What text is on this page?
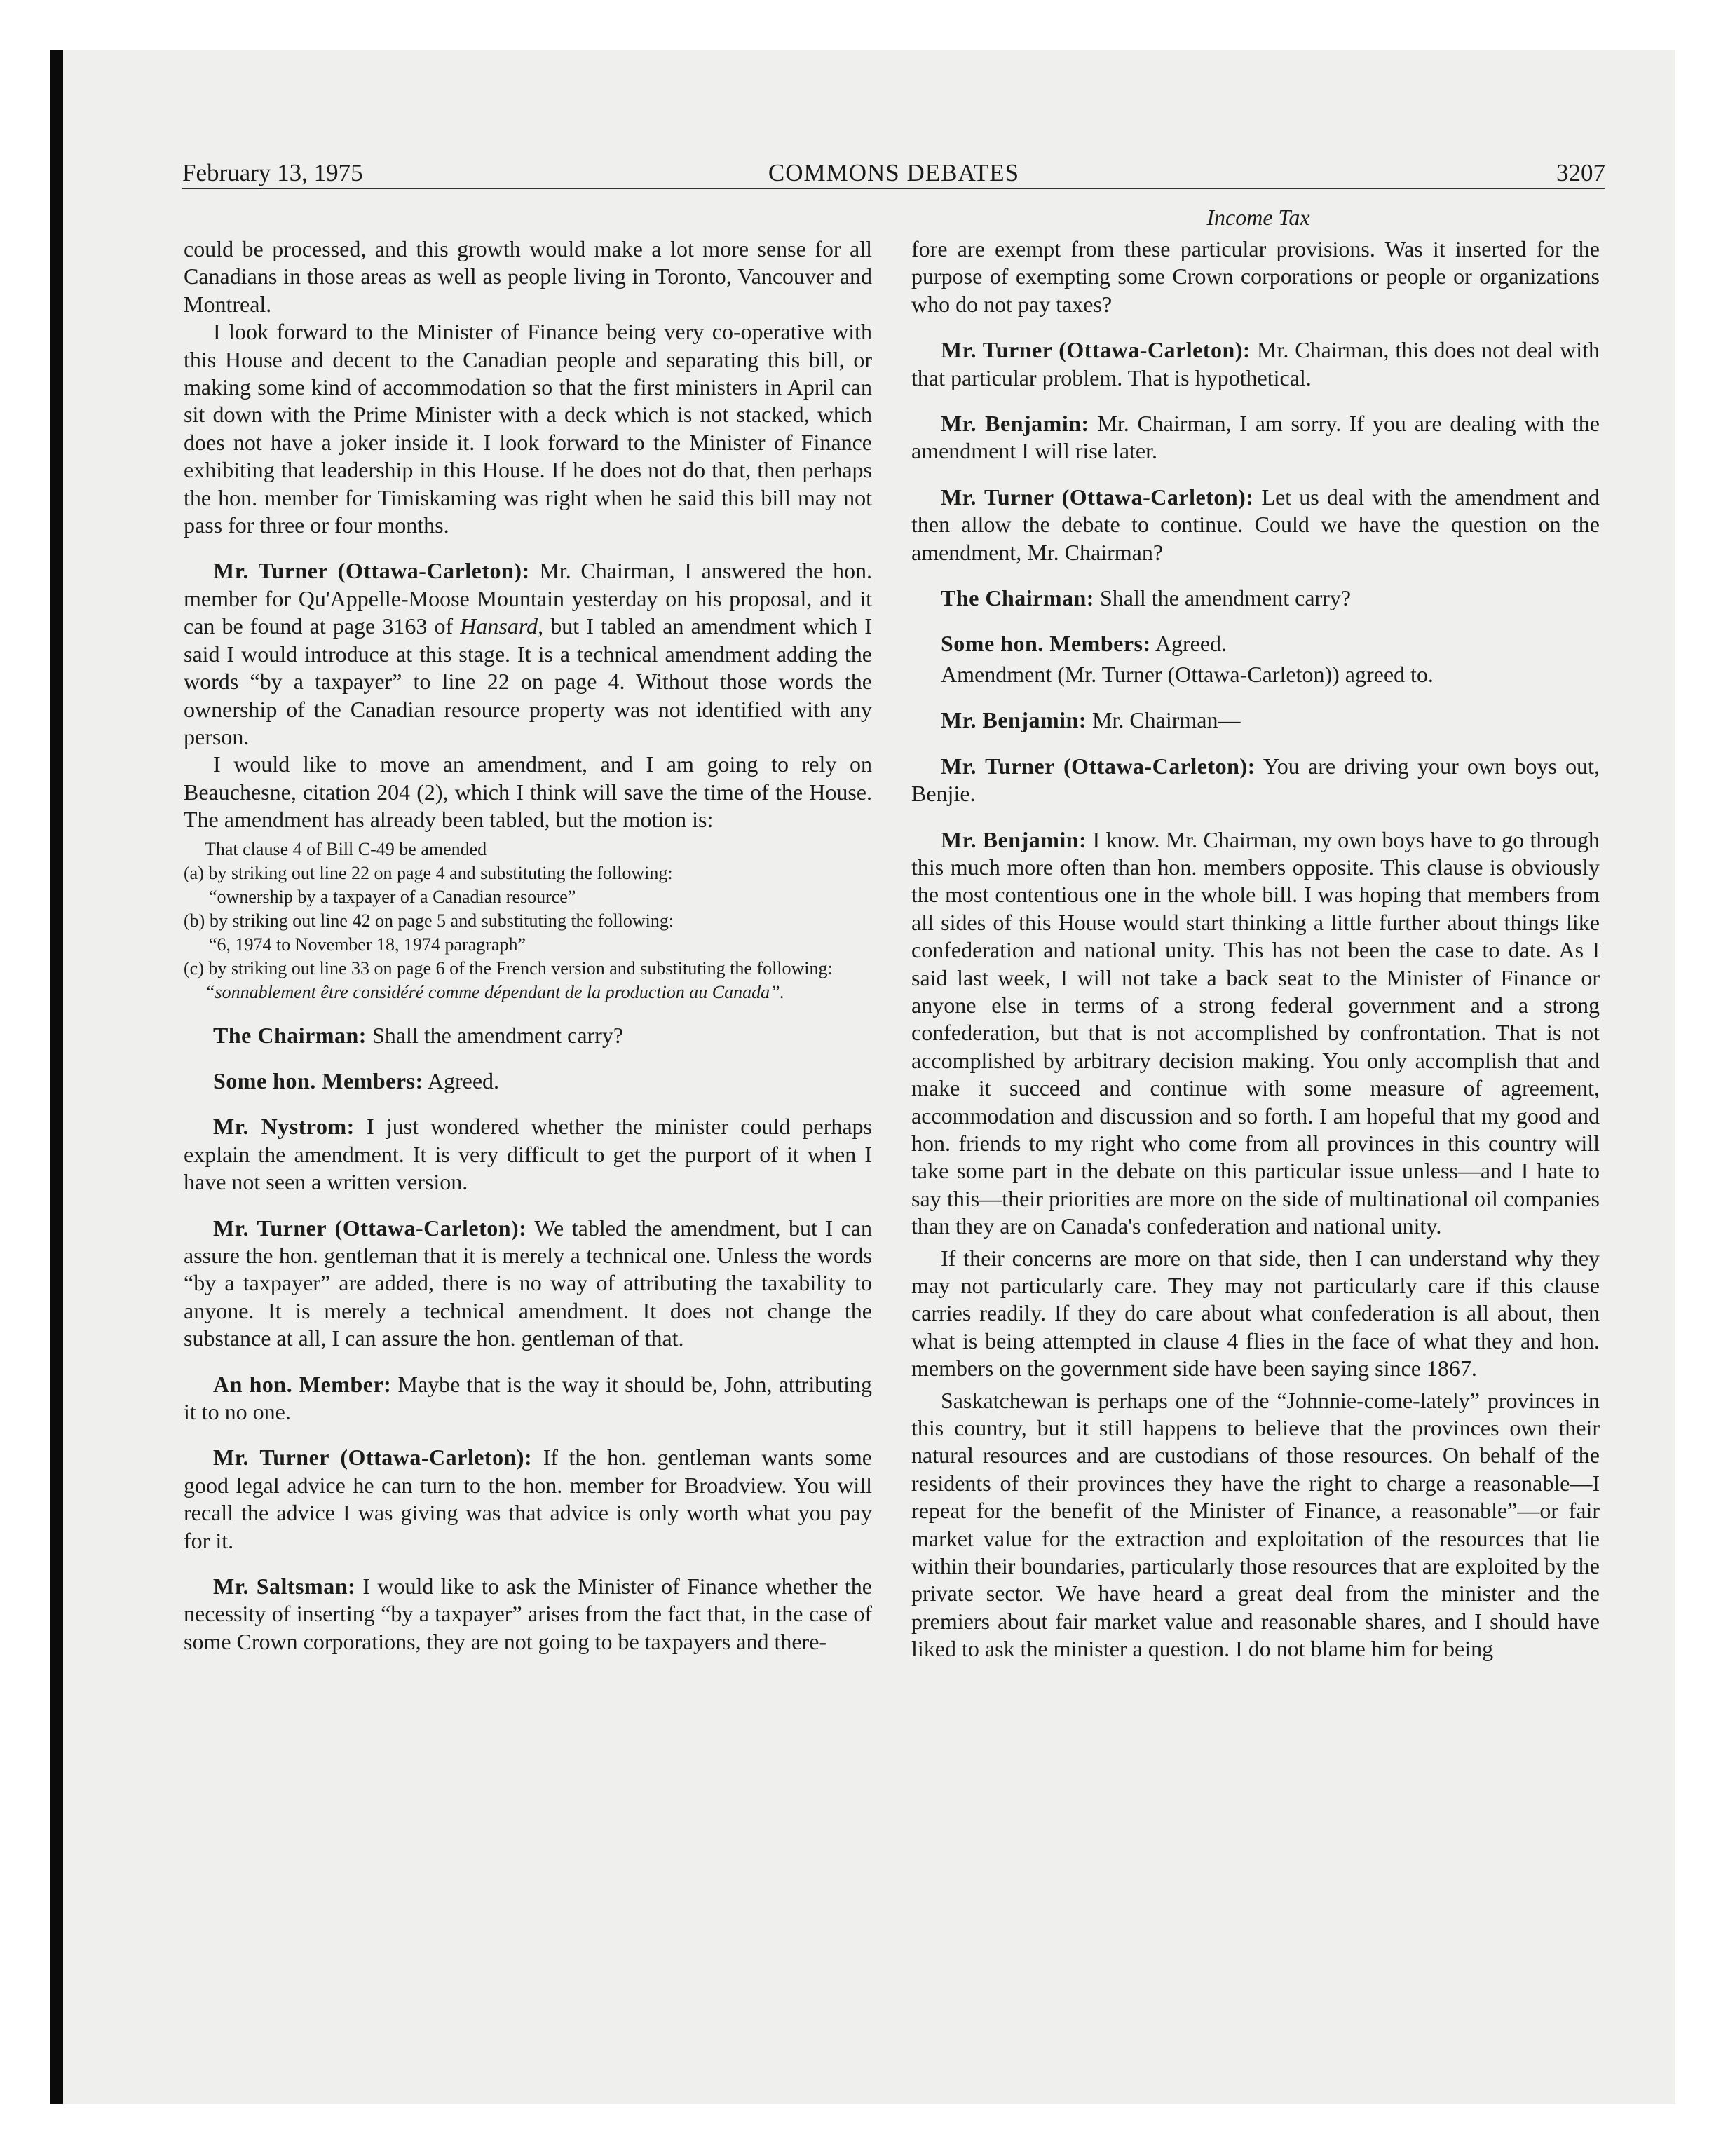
February 13, 1975	COMMONS DEBATES	3207
Income Tax

could be processed, and this growth would make a lot more sense for all Canadians in those areas as well as people living in Toronto, Vancouver and Montreal.

I look forward to the Minister of Finance being very co-operative with this House and decent to the Canadian people and separating this bill, or making some kind of accommodation so that the first ministers in April can sit down with the Prime Minister with a deck which is not stacked, which does not have a joker inside it. I look forward to the Minister of Finance exhibiting that leadership in this House. If he does not do that, then perhaps the hon. member for Timiskaming was right when he said this bill may not pass for three or four months.

Mr. Turner (Ottawa-Carleton): Mr. Chairman, I answered the hon. member for Qu'Appelle-Moose Mountain yesterday on his proposal, and it can be found at page 3163 of Hansard, but I tabled an amendment which I said I would introduce at this stage. It is a technical amendment adding the words “by a taxpayer” to line 22 on page 4. Without those words the ownership of the Canadian resource property was not identified with any person.

I would like to move an amendment, and I am going to rely on Beauchesne, citation 204 (2), which I think will save the time of the House. The amendment has already been tabled, but the motion is:

That clause 4 of Bill C-49 be amended
(a) by striking out line 22 on page 4 and substituting the following:
“ownership by a taxpayer of a Canadian resource”
(b) by striking out line 42 on page 5 and substituting the following:
“6, 1974 to November 18, 1974 paragraph”
(c) by striking out line 33 on page 6 of the French version and substituting the following:
“sonnablement être considéré comme dépendant de la production au Canada”.

The Chairman: Shall the amendment carry?

Some hon. Members: Agreed.

Mr. Nystrom: I just wondered whether the minister could perhaps explain the amendment. It is very difficult to get the purport of it when I have not seen a written version.

Mr. Turner (Ottawa-Carleton): We tabled the amendment, but I can assure the hon. gentleman that it is merely a technical one. Unless the words “by a taxpayer” are added, there is no way of attributing the taxability to anyone. It is merely a technical amendment. It does not change the substance at all, I can assure the hon. gentleman of that.

An hon. Member: Maybe that is the way it should be, John, attributing it to no one.

Mr. Turner (Ottawa-Carleton): If the hon. gentleman wants some good legal advice he can turn to the hon. member for Broadview. You will recall the advice I was giving was that advice is only worth what you pay for it.

Mr. Saltsman: I would like to ask the Minister of Finance whether the necessity of inserting “by a taxpayer” arises from the fact that, in the case of some Crown corporations, they are not going to be taxpayers and there-

fore are exempt from these particular provisions. Was it inserted for the purpose of exempting some Crown corporations or people or organizations who do not pay taxes?

Mr. Turner (Ottawa-Carleton): Mr. Chairman, this does not deal with that particular problem. That is hypothetical.

Mr. Benjamin: Mr. Chairman, I am sorry. If you are dealing with the amendment I will rise later.

Mr. Turner (Ottawa-Carleton): Let us deal with the amendment and then allow the debate to continue. Could we have the question on the amendment, Mr. Chairman?

The Chairman: Shall the amendment carry?

Some hon. Members: Agreed.

Amendment (Mr. Turner (Ottawa-Carleton)) agreed to.

Mr. Benjamin: Mr. Chairman—

Mr. Turner (Ottawa-Carleton): You are driving your own boys out, Benjie.

Mr. Benjamin: I know. Mr. Chairman, my own boys have to go through this much more often than hon. members opposite. This clause is obviously the most contentious one in the whole bill. I was hoping that members from all sides of this House would start thinking a little further about things like confederation and national unity. This has not been the case to date. As I said last week, I will not take a back seat to the Minister of Finance or anyone else in terms of a strong federal government and a strong confederation, but that is not accomplished by confrontation. That is not accomplished by arbitrary decision making. You only accomplish that and make it succeed and continue with some measure of agreement, accommodation and discussion and so forth. I am hopeful that my good and hon. friends to my right who come from all provinces in this country will take some part in the debate on this particular issue unless—and I hate to say this—their priorities are more on the side of multinational oil companies than they are on Canada's confederation and national unity.

If their concerns are more on that side, then I can understand why they may not particularly care. They may not particularly care if this clause carries readily. If they do care about what confederation is all about, then what is being attempted in clause 4 flies in the face of what they and hon. members on the government side have been saying since 1867.

Saskatchewan is perhaps one of the “Johnnie-come-lately” provinces in this country, but it still happens to believe that the provinces own their natural resources and are custodians of those resources. On behalf of the residents of their provinces they have the right to charge a reasonable—I repeat for the benefit of the Minister of Finance, a reasonable”—or fair market value for the extraction and exploitation of the resources that lie within their boundaries, particularly those resources that are exploited by the private sector. We have heard a great deal from the minister and the premiers about fair market value and reasonable shares, and I should have liked to ask the minister a question. I do not blame him for being
